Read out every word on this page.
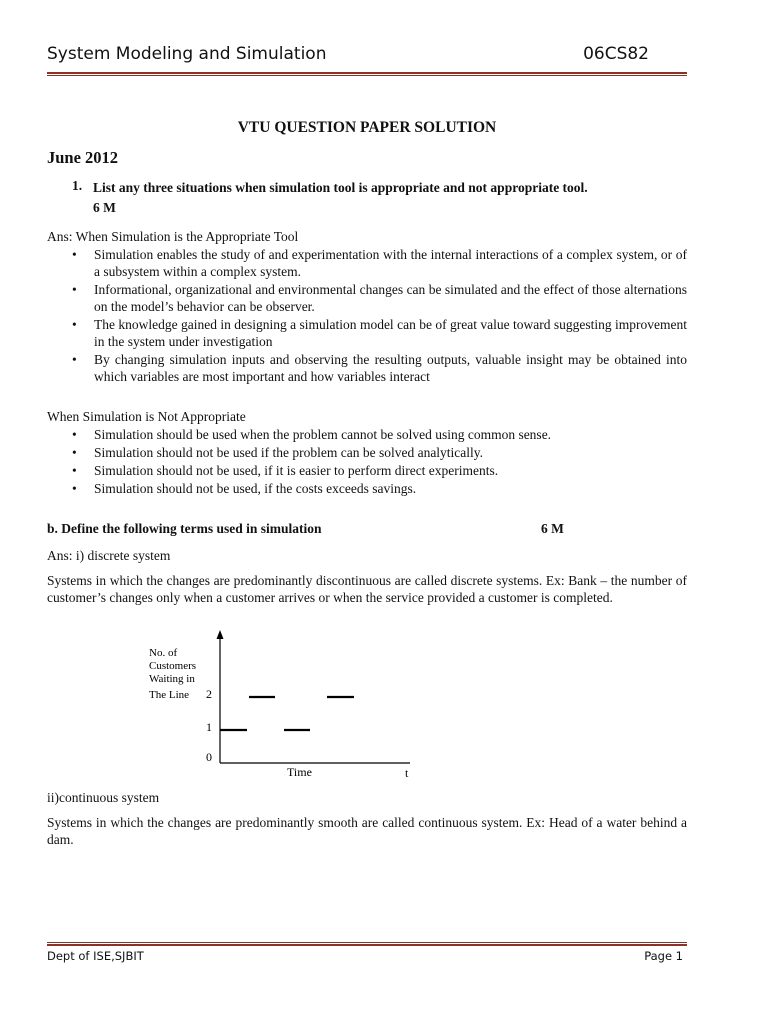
System Modeling and Simulation	06CS82
VTU QUESTION PAPER SOLUTION
June 2012
1. List any three situations when simulation tool is appropriate and not appropriate tool.
6 M
Ans: When Simulation is the Appropriate Tool
• Simulation enables the study of and experimentation with the internal interactions of a complex system, or of a subsystem within a complex system.
• Informational, organizational and environmental changes can be simulated and the effect of those alternations on the model’s behavior can be observer.
• The knowledge gained in designing a simulation model can be of great value toward suggesting improvement in the system under investigation
• By changing simulation inputs and observing the resulting outputs, valuable insight may be obtained into which variables are most important and how variables interact
When Simulation is Not Appropriate
• Simulation should be used when the problem cannot be solved using common sense.
• Simulation should not be used if the problem can be solved analytically.
• Simulation should not be used, if it is easier to perform direct experiments.
• Simulation should not be used, if the costs exceeds savings.
b. Define the following terms used in simulation	6 M
Ans: i) discrete system
Systems in which the changes are predominantly discontinuous are called discrete systems. Ex: Bank – the number of customer’s changes only when a customer arrives or when the service provided a customer is completed.
No. of
Customers
Waiting in
The Line 2
1
0
Time	t
ii)continuous system
Systems in which the changes are predominantly smooth are called continuous system. Ex: Head of a water behind a dam.
Dept of ISE,SJBIT	Page 1
